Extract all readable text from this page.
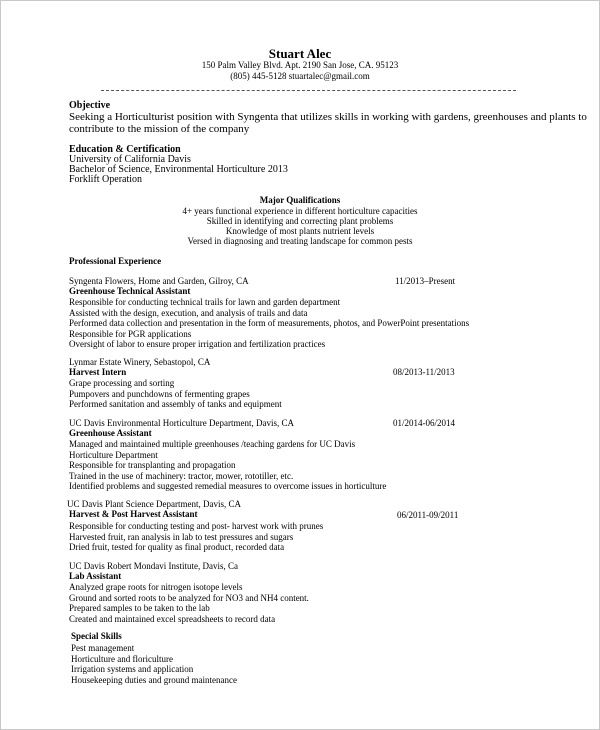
Stuart Alec
150 Palm Valley Blvd. Apt. 2190 San Jose, CA. 95123
(805) 445-5128 stuartalec@gmail.com
Objective
Seeking a Horticulturist position with Syngenta that utilizes skills in working with gardens, greenhouses and plants to
contribute to the mission of the company
Education & Certification
University of California Davis
Bachelor of Science, Environmental Horticulture 2013
Forklift Operation
Major Qualifications
4+ years functional experience in different horticulture capacities
Skilled in identifying and correcting plant problems
Knowledge of most plants nutrient levels
Versed in diagnosing and treating landscape for common pests
Professional Experience
Syngenta Flowers, Home and Garden, Gilroy, CA	11/2013–Present
Greenhouse Technical Assistant
Responsible for conducting technical trails for lawn and garden department
Assisted with the design, execution, and analysis of trails and data
Performed data collection and presentation in the form of measurements, photos, and PowerPoint presentations
Responsible for PGR applications
Oversight of labor to ensure proper irrigation and fertilization practices
Lynmar Estate Winery, Sebastopol, CA
08/2013-11/2013
Harvest Intern
Grape processing and sorting
Pumpovers and punchdowns of fermenting grapes
Performed sanitation and assembly of tanks and equipment
UC Davis Environmental Horticulture Department, Davis, CA	01/2014-06/2014
Greenhouse Assistant
Managed and maintained multiple greenhouses /teaching gardens for UC Davis
Horticulture Department
Responsible for transplanting and propagation
Trained in the use of machinery: tractor, mower, rototiller, etc.
Identified problems and suggested remedial measures to overcome issues in horticulture
UC Davis Plant Science Department, Davis, CA
06/2011-09/2011
Harvest & Post Harvest Assistant
Responsible for conducting testing and post- harvest work with prunes
Harvested fruit, ran analysis in lab to test pressures and sugars
Dried fruit, tested for quality as final product, recorded data
UC Davis Robert Mondavi Institute, Davis, Ca
Lab Assistant
Analyzed grape roots for nitrogen isotope levels
Ground and sorted roots to be analyzed for NO3 and NH4 content.
Prepared samples to be taken to the lab
Created and maintained excel spreadsheets to record data
Special Skills
Pest management
Horticulture and floriculture
Irrigation systems and application
Housekeeping duties and ground maintenance
